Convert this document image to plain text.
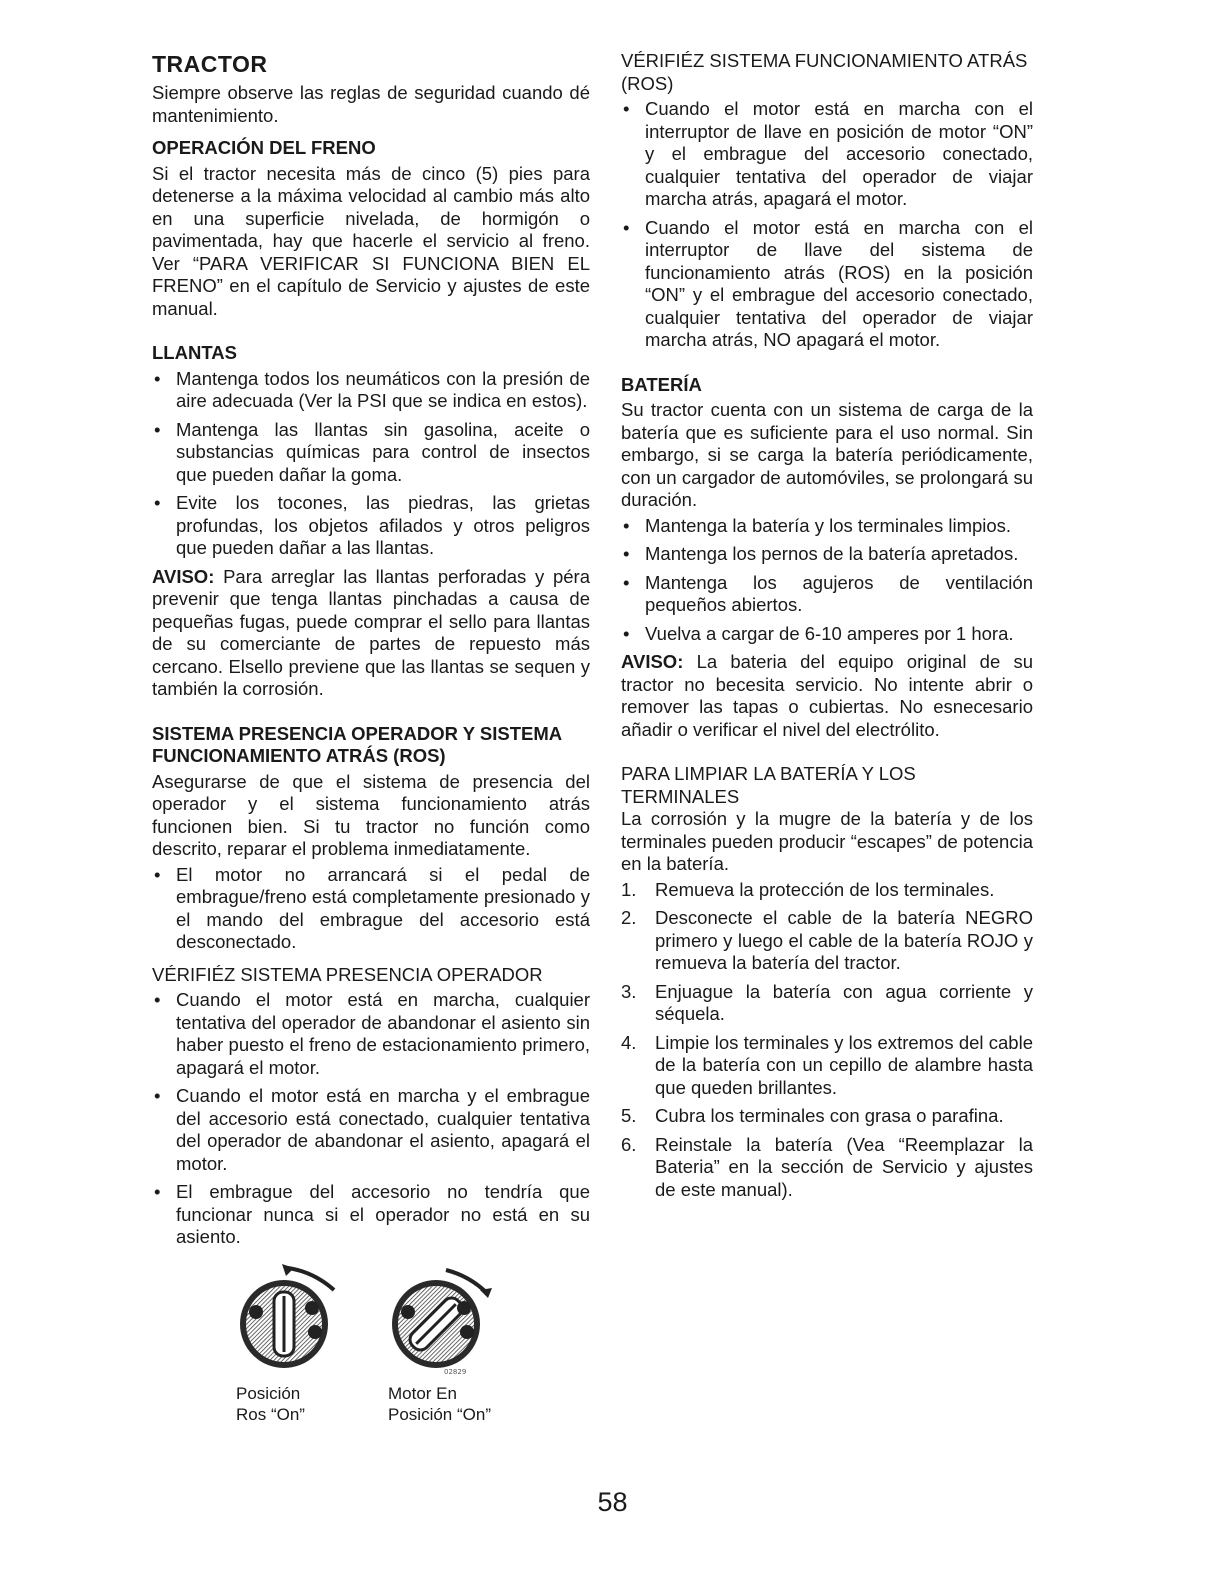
TRACTOR

Siempre observe las reglas de seguridad cuando dé mantenimiento.

OPERACIÓN DEL FRENO

Si el tractor necesita más de cinco (5) pies para detenerse a la máxima velocidad al cambio más alto en una superficie nivelada, de hormigón o pavimentada, hay que hacerle el servicio al freno. Ver “PARA VERIFICAR SI FUNCIONA BIEN EL FRENO” en el capítulo de Servicio y ajustes de este manual.

LLANTAS
• Mantenga todos los neumáticos con la presión de aire adecuada (Ver la PSI que se indica en estos).
• Mantenga las llantas sin gasolina, aceite o substancias químicas para control de insectos que pueden dañar la goma.
• Evite los tocones, las piedras, las grietas profundas, los objetos afilados y otros peligros que pueden dañar a las llantas.

AVISO: Para arreglar las llantas perforadas y péra prevenir que tenga llantas pinchadas a causa de pequeñas fugas, puede comprar el sello para llantas de su comerciante de partes de repuesto más cercano. Elsello previene que las llantas se sequen y también la corrosión.

SISTEMA PRESENCIA OPERADOR Y SISTEMA FUNCIONAMIENTO ATRÁS (ROS)

Asegurarse de que el sistema de presencia del operador y el sistema funcionamiento atrás funcionen bien. Si tu tractor no función como descrito, reparar el problema inmediatamente.

• El motor no arrancará si el pedal de embrague/freno está completamente presionado y el mando del embrague del accesorio está desconectado.
VÉRIFIÉZ SISTEMA PRESENCIA OPERADOR
• Cuando el motor está en marcha, cualquier tentativa del operador de abandonar el asiento sin haber puesto el freno de estacionamiento primero, apagará el motor.
• Cuando el motor está en marcha y el embrague del accesorio está conectado, cualquier tentativa del operador de abandonar el asiento, apagará el motor.
• El embrague del accesorio no tendría que funcionar nunca si el operador no está en su asiento.
Posición
Ros “On”
02829
Motor En
Posición “On”
VÉRIFIÉZ SISTEMA FUNCIONAMIENTO ATRÁS (ROS)
• Cuando el motor está en marcha con el interruptor de llave en posición de motor “ON” y el embrague del accesorio conectado, cualquier tentativa del operador de viajar marcha atrás, apagará el motor.
• Cuando el motor está en marcha con el interruptor de llave del sistema de funcionamiento atrás (ROS) en la posición “ON” y el embrague del accesorio conectado, cualquier tentativa del operador de viajar marcha atrás, NO apagará el motor.
BATERÍA

Su tractor cuenta con un sistema de carga de la batería que es suficiente para el uso normal. Sin embargo, si se carga la batería periódicamente, con un cargador de automóviles, se prolongará su duración.

• Mantenga la batería y los terminales limpios.
• Mantenga los pernos de la batería apretados.
• Mantenga los agujeros de ventilación pequeños abiertos.
• Vuelva a cargar de 6-10 amperes por 1 hora.

AVISO: La bateria del equipo original de su tractor no becesita servicio. No intente abrir o remover las tapas o cubiertas. No esnecesario añadir o verificar el nivel del electrólito.

PARA LIMPIAR LA BATERÍA Y LOS TERMINALES

La corrosión y la mugre de la batería y de los terminales pueden producir “escapes” de potencia en la batería.

1. Remueva la protección de los terminales.
2. Desconecte el cable de la batería NEGRO primero y luego el cable de la batería ROJO y remueva la batería del tractor.
3. Enjuague la batería con agua corriente y séquela.
4. Limpie los terminales y los extremos del cable de la batería con un cepillo de alambre hasta que queden brillantes.
5. Cubra los terminales con grasa o parafina.
6. Reinstale la batería (Vea “Reemplazar la Bateria” en la sección de Servicio y ajustes de este manual).
58
